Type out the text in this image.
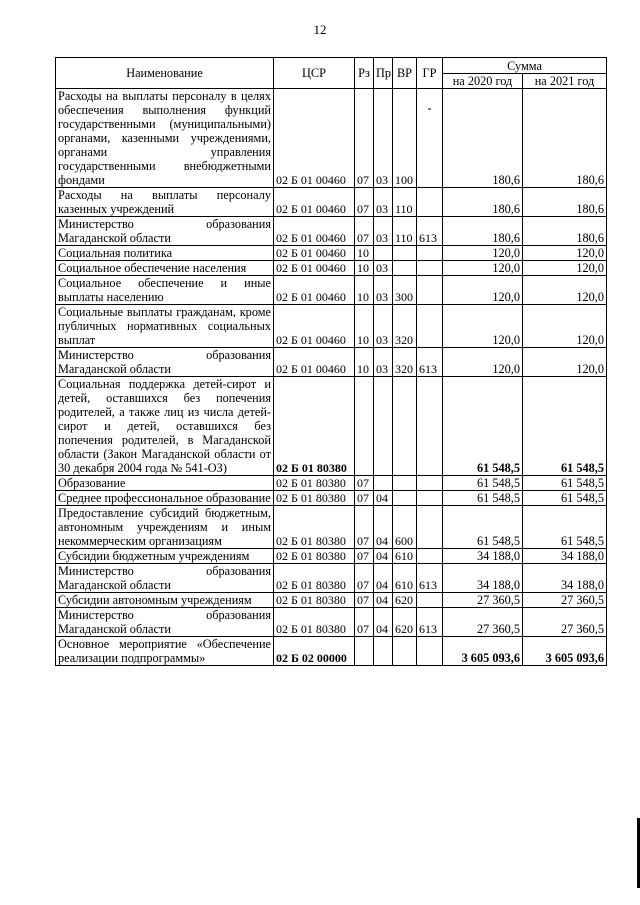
12
Наименование	ЦСР	Рз	Пр	ВР	ГР	Сумма	
						на 2020 год	на 2021 год
Расходы на выплаты персоналу в целях обеспечения выполнения функций государственными (муниципальными) органами, казенными учреждениями, органами управления государственными внебюджетными фондами	02 Б 01 00460	07	03	100	-	180,6	180,6
Расходы на выплаты персоналу казенных учреждений	02 Б 01 00460	07	03	110		180,6	180,6
Министерство образования Магаданской области	02 Б 01 00460	07	03	110	613	180,6	180,6
Социальная политика	02 Б 01 00460	10				120,0	120,0
Социальное обеспечение населения	02 Б 01 00460	10	03			120,0	120,0
Социальное обеспечение и иные выплаты населению	02 Б 01 00460	10	03	300		120,0	120,0
Социальные выплаты гражданам, кроме публичных нормативных социальных выплат	02 Б 01 00460	10	03	320		120,0	120,0
Министерство образования Магаданской области	02 Б 01 00460	10	03	320	613	120,0	120,0
Социальная поддержка детей-сирот и детей, оставшихся без попечения родителей, а также лиц из числа детей-сирот и детей, оставшихся без попечения родителей, в Магаданской области (Закон Магаданской области от 30 декабря 2004 года № 541-ОЗ)	02 Б 01 80380					61 548,5	61 548,5
Образование	02 Б 01 80380	07				61 548,5	61 548,5
Среднее профессиональное образование	02 Б 01 80380	07	04			61 548,5	61 548,5
Предоставление субсидий бюджетным, автономным учреждениям и иным некоммерческим организациям	02 Б 01 80380	07	04	600		61 548,5	61 548,5
Субсидии бюджетным учреждениям	02 Б 01 80380	07	04	610		34 188,0	34 188,0
Министерство образования Магаданской области	02 Б 01 80380	07	04	610	613	34 188,0	34 188,0
Субсидии автономным учреждениям	02 Б 01 80380	07	04	620		27 360,5	27 360,5
Министерство образования Магаданской области	02 Б 01 80380	07	04	620	613	27 360,5	27 360,5
Основное мероприятие «Обеспечение реализации подпрограммы»	02 Б 02 00000					3 605 093,6	3 605 093,6
